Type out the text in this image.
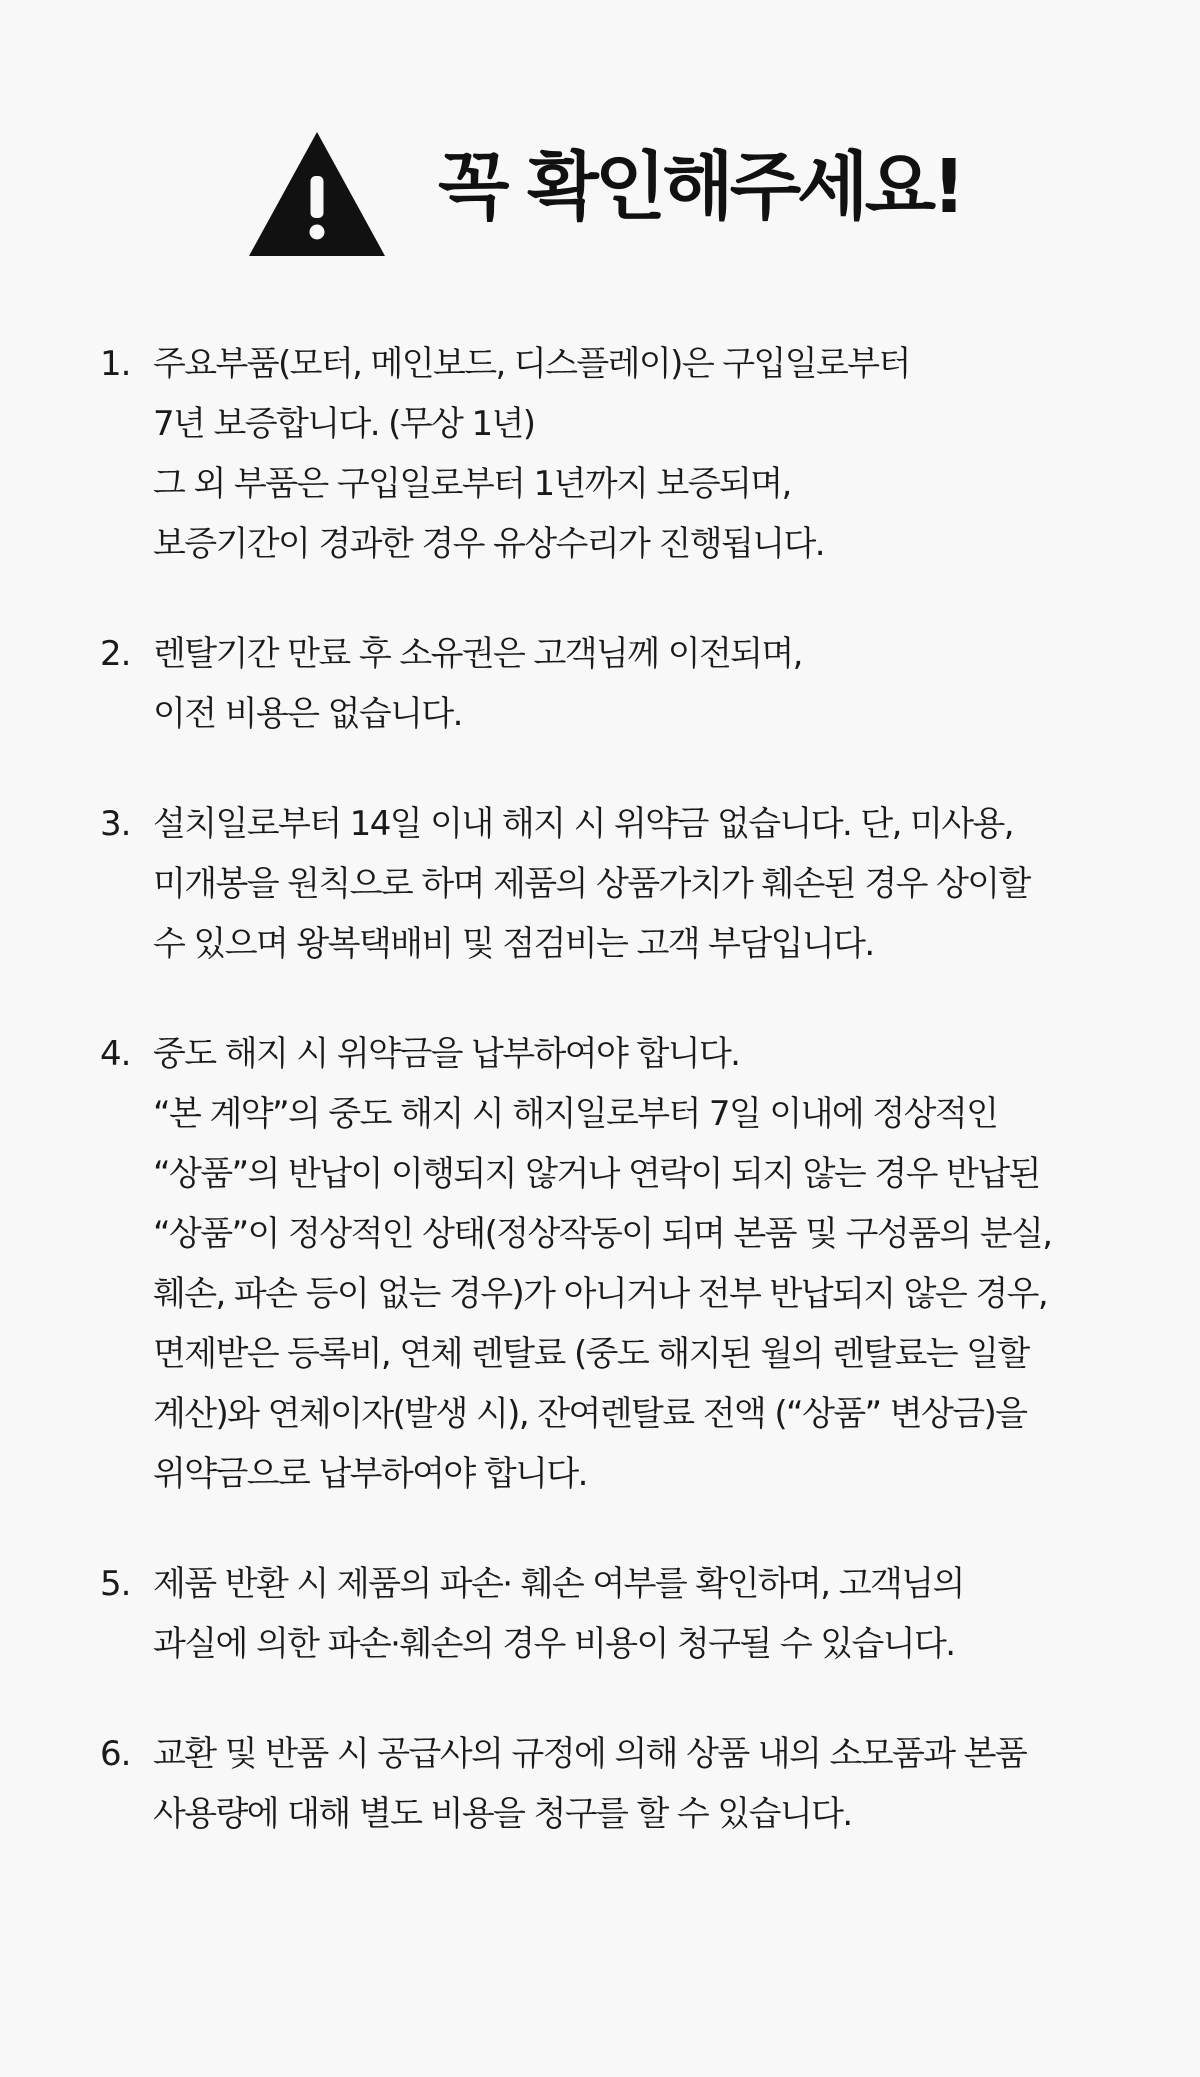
꼭 확인해주세요!
1. 주요부품(모터, 메인보드, 디스플레이)은 구입일로부터
7년 보증합니다. (무상 1년)
그 외 부품은 구입일로부터 1년까지 보증되며,
보증기간이 경과한 경우 유상수리가 진행됩니다.
2. 렌탈기간 만료 후 소유권은 고객님께 이전되며,
이전 비용은 없습니다.
3. 설치일로부터 14일 이내 해지 시 위약금 없습니다. 단, 미사용,
미개봉을 원칙으로 하며 제품의 상품가치가 훼손된 경우 상이할
수 있으며 왕복택배비 및 점검비는 고객 부담입니다.
4. 중도 해지 시 위약금을 납부하여야 합니다.
“본 계약”의 중도 해지 시 해지일로부터 7일 이내에 정상적인
“상품”의 반납이 이행되지 않거나 연락이 되지 않는 경우 반납된
“상품”이 정상적인 상태(정상작동이 되며 본품 및 구성품의 분실,
훼손, 파손 등이 없는 경우)가 아니거나 전부 반납되지 않은 경우,
면제받은 등록비, 연체 렌탈료 (중도 해지된 월의 렌탈료는 일할
계산)와 연체이자(발생 시), 잔여렌탈료 전액 (“상품” 변상금)을
위약금으로 납부하여야 합니다.
5. 제품 반환 시 제품의 파손· 훼손 여부를 확인하며, 고객님의
과실에 의한 파손·훼손의 경우 비용이 청구될 수 있습니다.
6. 교환 및 반품 시 공급사의 규정에 의해 상품 내의 소모품과 본품
사용량에 대해 별도 비용을 청구를 할 수 있습니다.
